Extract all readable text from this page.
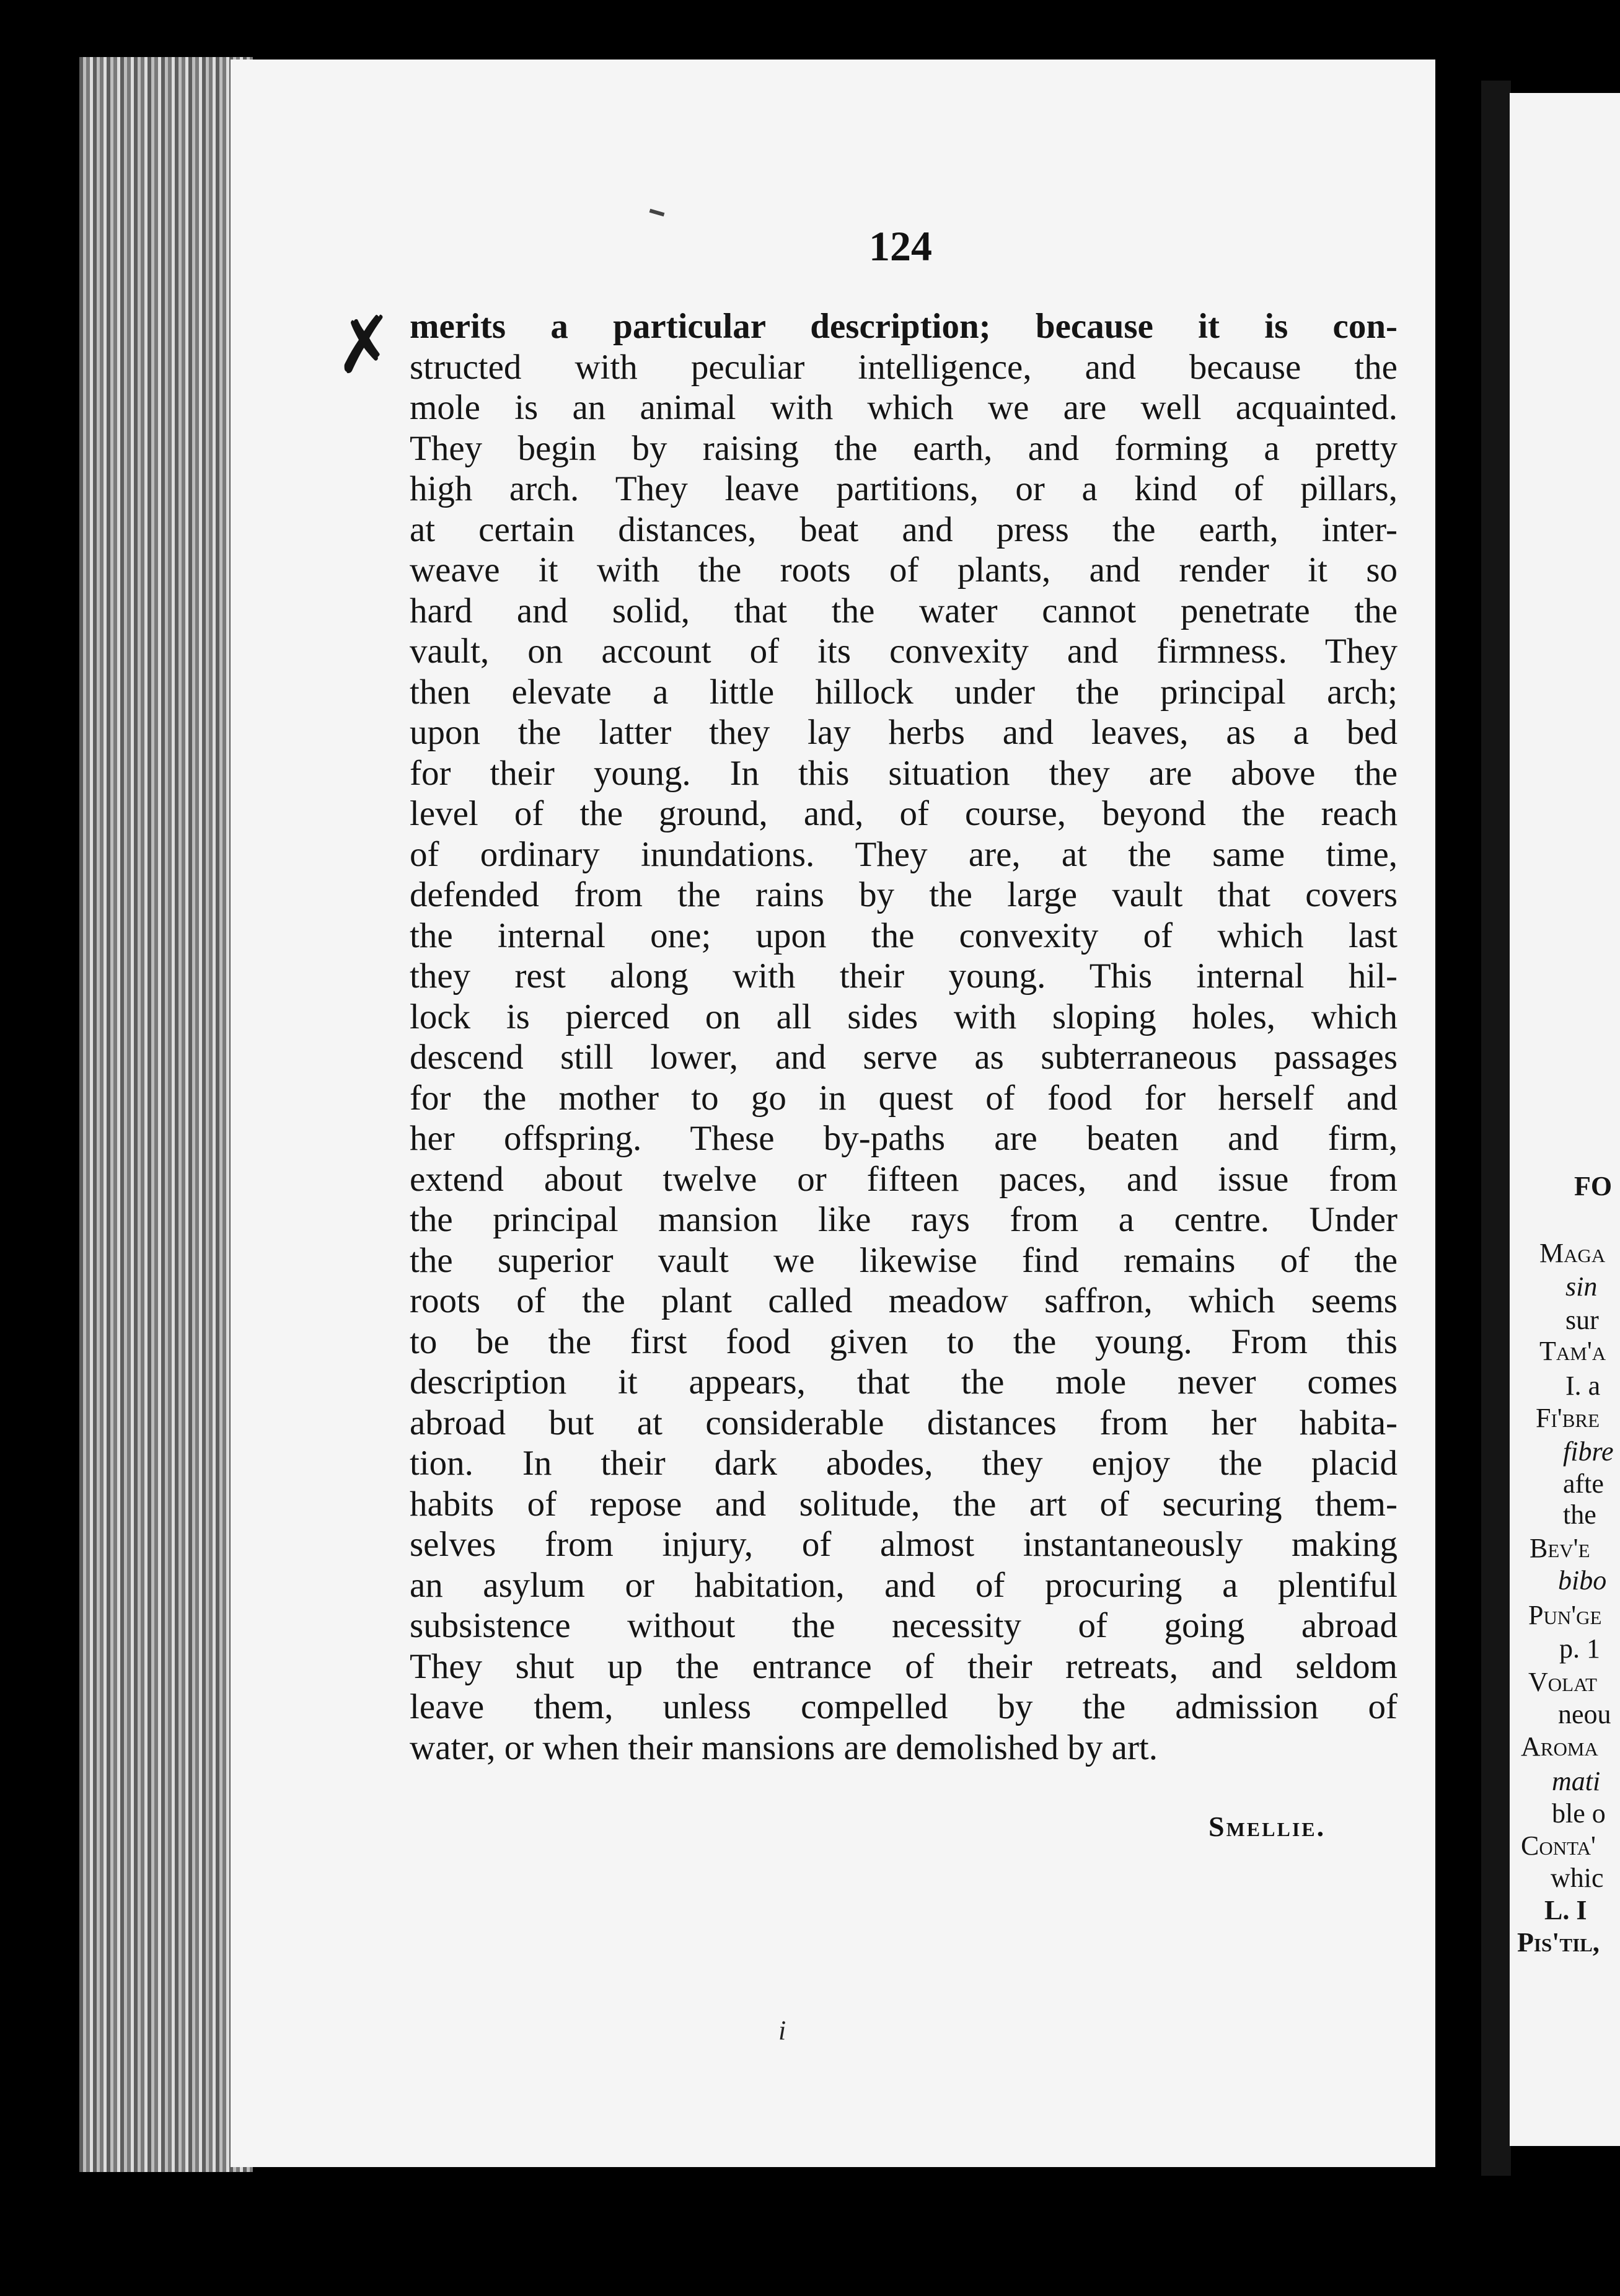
124
✗ merits a particular description; because it is con-
structed with peculiar intelligence, and because the
mole is an animal with which we are well acquainted.
They begin by raising the earth, and forming a pretty
high arch. They leave partitions, or a kind of pillars,
at certain distances, beat and press the earth, inter-
weave it with the roots of plants, and render it so
hard and solid, that the water cannot penetrate the
vault, on account of its convexity and firmness. They
then elevate a little hillock under the principal arch;
upon the latter they lay herbs and leaves, as a bed
for their young. In this situation they are above the
level of the ground, and, of course, beyond the reach
of ordinary inundations. They are, at the same time,
defended from the rains by the large vault that covers
the internal one; upon the convexity of which last
they rest along with their young. This internal hil-
lock is pierced on all sides with sloping holes, which
descend still lower, and serve as subterraneous passages
for the mother to go in quest of food for herself and
her offspring. These by-paths are beaten and firm,
extend about twelve or fifteen paces, and issue from
the principal mansion like rays from a centre. Under
the superior vault we likewise find remains of the
roots of the plant called meadow saffron, which seems
to be the first food given to the young. From this
description it appears, that the mole never comes
abroad but at considerable distances from her habita-
tion. In their dark abodes, they enjoy the placid
habits of repose and solitude, the art of securing them-
selves from injury, of almost instantaneously making
an asylum or habitation, and of procuring a plentiful
subsistence without the necessity of going abroad
They shut up the entrance of their retreats, and seldom
leave them, unless compelled by the admission of
water, or when their mansions are demolished by art.
Smellie.
i
FO
Maga
sin
sur
Tam'a
I. a
Fi'bre
fibre
afte
the
Bev'e
bibo
Pun'ge
p. 1
Volat
neou
Aroma
mati
ble o
Conta'
whic
L. I
Pis'til,
